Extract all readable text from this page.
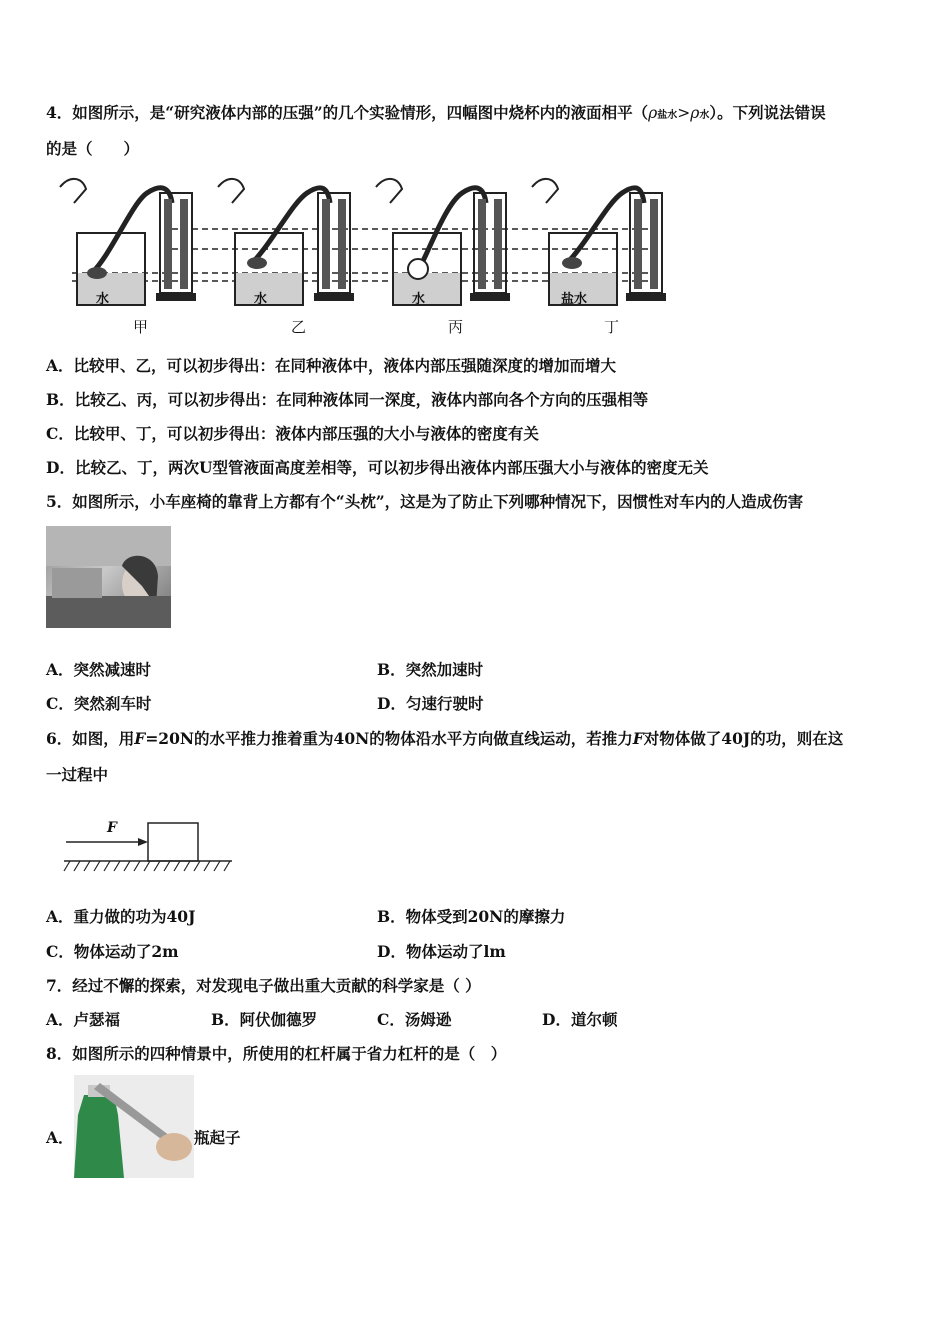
4．如图所示，是“研究液体内部的压强”的几个实验情形，四幅图中烧杯内的液面相平（ρ盐水>ρ水）。下列说法错误
的是（　　）
水	水	水	盐水
甲	乙	丙	丁
A．比较甲、乙，可以初步得出：在同种液体中，液体内部压强随深度的增加而增大
B．比较乙、丙，可以初步得出：在同种液体同一深度，液体内部向各个方向的压强相等
C．比较甲、丁，可以初步得出：液体内部压强的大小与液体的密度有关
D．比较乙、丁，两次U型管液面高度差相等，可以初步得出液体内部压强大小与液体的密度无关
5．如图所示，小车座椅的靠背上方都有个“头枕”，这是为了防止下列哪种情况下，因惯性对车内的人造成伤害
A．突然减速时	B．突然加速时
C．突然刹车时	D．匀速行驶时
6．如图，用F=20N的水平推力推着重为40N的物体沿水平方向做直线运动，若推力F对物体做了40J的功，则在这
一过程中
F
A．重力做的功为40J	B．物体受到20N的摩擦力
C．物体运动了2m	D．物体运动了lm
7．经过不懈的探索，对发现电子做出重大贡献的科学家是（ ）
A．卢瑟福	B．阿伏伽德罗	C．汤姆逊	D．道尔顿
8．如图所示的四种情景中，所使用的杠杆属于省力杠杆的是（　）
A．	瓶起子
